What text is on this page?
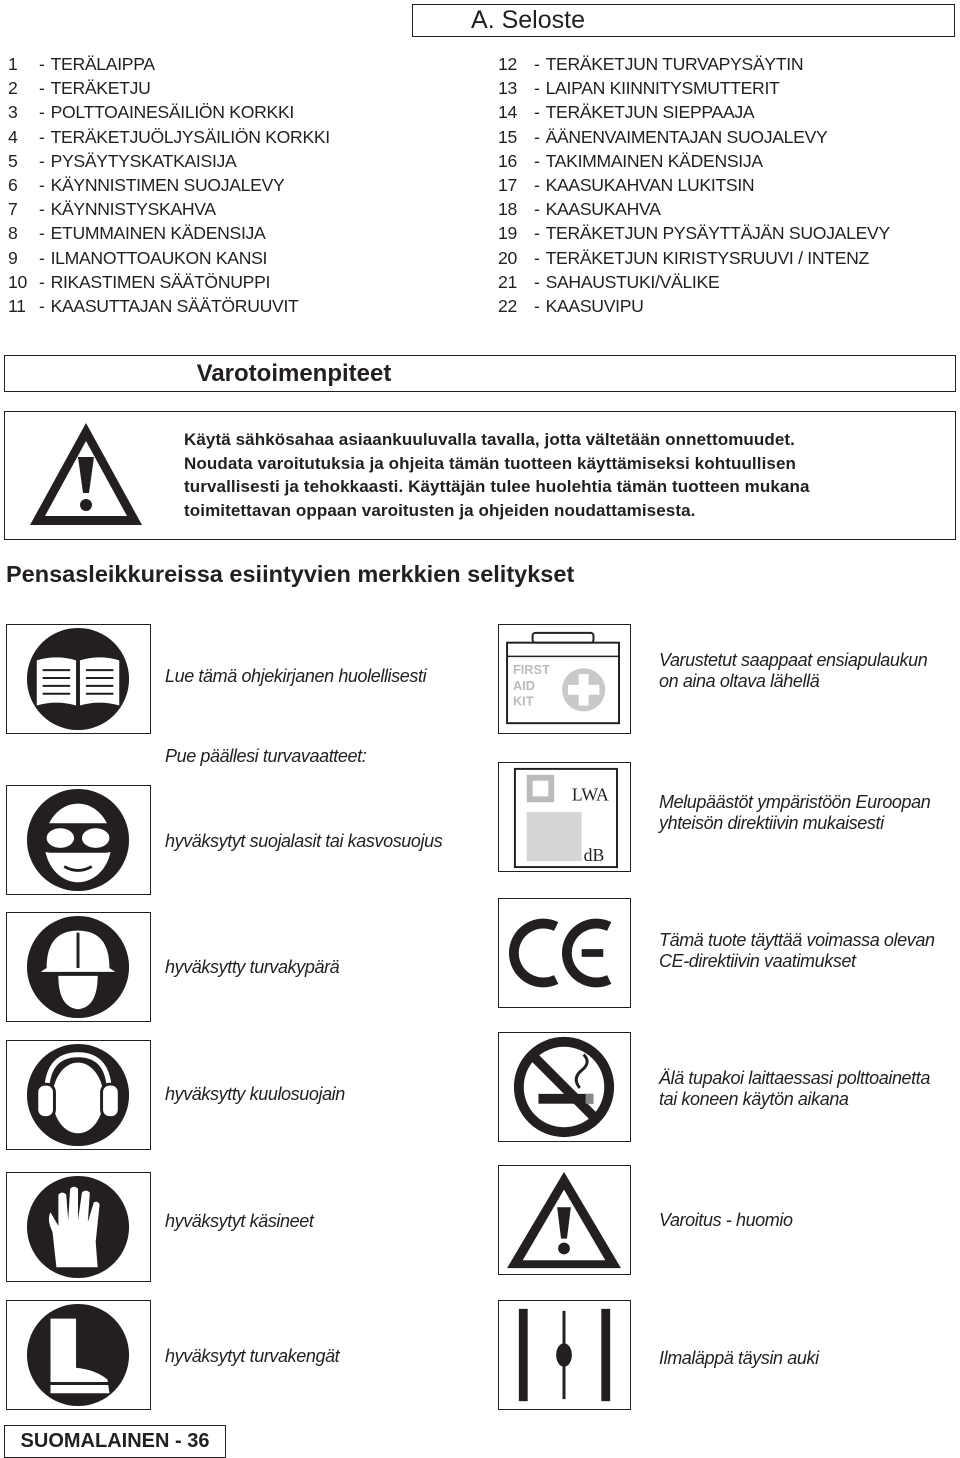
A. Seloste
1 - TERÄLAIPPA
2 - TERÄKETJU
3 - POLTTOAINESÄILIÖN KORKKI
4 - TERÄKETJUÖLJYSÄILIÖN KORKKI
5 - PYSÄYTYSKATKAISIJA
6 - KÄYNNISTIMEN SUOJALEVY
7 - KÄYNNISTYSKAHVA
8 - ETUMMAINEN KÄDENSIJA
9 - ILMANOTTOAUKON KANSI
10 - RIKASTIMEN SÄÄTÖNUPPI
11 - KAASUTTAJAN SÄÄTÖRUUVIT
12 - TERÄKETJUN TURVAPYSÄYTIN
13 - LAIPAN KIINNITYSMUTTERIT
14 - TERÄKETJUN SIEPPAAJA
15 - ÄÄNENVAIMENTAJAN SUOJALEVY
16 - TAKIMMAINEN KÄDENSIJA
17 - KAASUKAHVAN LUKITSIN
18 - KAASUKAHVA
19 - TERÄKETJUN PYSÄYTTÄJÄN SUOJALEVY
20 - TERÄKETJUN KIRISTYSRUUVI / INTENZ
21 - SAHAUSTUKI/VÄLIKE
22 - KAASUVIPU
Varotoimenpiteet
Käytä sähkösahaa asiaankuuluvalla tavalla, jotta vältetään onnettomuudet.
Noudata varoitutuksia ja ohjeita tämän tuotteen käyttämiseksi kohtuullisen
turvallisesti ja tehokkaasti. Käyttäjän tulee huolehtia tämän tuotteen mukana
toimitettavan oppaan varoitusten ja ohjeiden noudattamisesta.
Pensasleikkureissa esiintyvien merkkien selitykset
Lue tämä ohjekirjanen huolellisesti	FIRST
AID
KIT
Varustetut saappaat ensiapulaukun
on aina oltava lähellä
Pue päällesi turvavaatteet:
hyväksytyt suojalasit tai kasvosuojus
LWA
dB
Melupäästöt ympäristöön Euroopan
yhteisön direktiivin mukaisesti
hyväksytty turvakypärä
Tämä tuote täyttää voimassa olevan
CE-direktiivin vaatimukset
hyväksytty kuulosuojain
Älä tupakoi laittaessasi polttoainetta
tai koneen käytön aikana
hyväksytyt käsineet	Varoitus - huomio
hyväksytyt turvakengät	Ilmaläppä täysin auki
SUOMALAINEN - 36
